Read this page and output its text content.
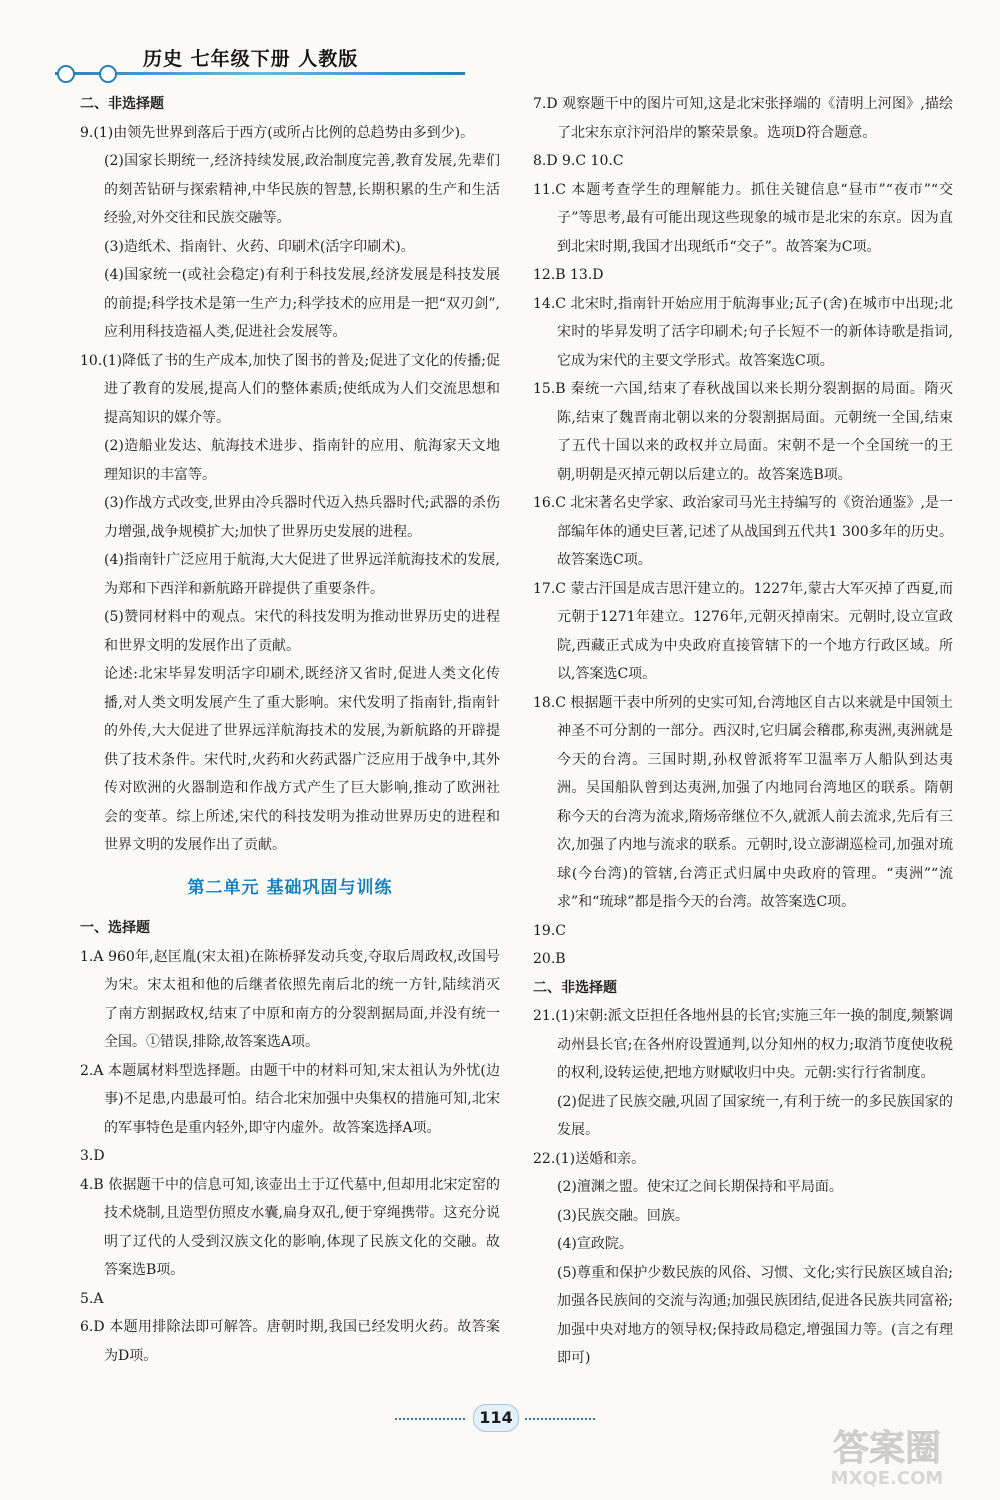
历史 七年级下册 人教版
二、非选择题
9.(1)由领先世界到落后于西方(或所占比例的总趋势由多到少)。
(2)国家长期统一,经济持续发展,政治制度完善,教育发展,先辈们的刻苦钻研与探索精神,中华民族的智慧,长期积累的生产和生活经验,对外交往和民族交融等。
(3)造纸术、指南针、火药、印刷术(活字印刷术)。
(4)国家统一(或社会稳定)有利于科技发展,经济发展是科技发展的前提;科学技术是第一生产力;科学技术的应用是一把“双刃剑”,应利用科技造福人类,促进社会发展等。
10.(1)降低了书的生产成本,加快了图书的普及;促进了文化的传播;促进了教育的发展,提高人们的整体素质;使纸成为人们交流思想和提高知识的媒介等。
(2)造船业发达、航海技术进步、指南针的应用、航海家天文地理知识的丰富等。
(3)作战方式改变,世界由冷兵器时代迈入热兵器时代;武器的杀伤力增强,战争规模扩大;加快了世界历史发展的进程。
(4)指南针广泛应用于航海,大大促进了世界远洋航海技术的发展,为郑和下西洋和新航路开辟提供了重要条件。
(5)赞同材料中的观点。宋代的科技发明为推动世界历史的进程和世界文明的发展作出了贡献。
论述:北宋毕昇发明活字印刷术,既经济又省时,促进人类文化传播,对人类文明发展产生了重大影响。宋代发明了指南针,指南针的外传,大大促进了世界远洋航海技术的发展,为新航路的开辟提供了技术条件。宋代时,火药和火药武器广泛应用于战争中,其外传对欧洲的火器制造和作战方式产生了巨大影响,推动了欧洲社会的变革。综上所述,宋代的科技发明为推动世界历史的进程和世界文明的发展作出了贡献。
第二单元 基础巩固与训练
一、选择题
1.A 960年,赵匡胤(宋太祖)在陈桥驿发动兵变,夺取后周政权,改国号为宋。宋太祖和他的后继者依照先南后北的统一方针,陆续消灭了南方割据政权,结束了中原和南方的分裂割据局面,并没有统一全国。①错误,排除,故答案选A项。
2.A 本题属材料型选择题。由题干中的材料可知,宋太祖认为外忧(边事)不足患,内患最可怕。结合北宋加强中央集权的措施可知,北宋的军事特色是重内轻外,即守内虚外。故答案选择A项。
3.D
4.B 依据题干中的信息可知,该壶出土于辽代墓中,但却用北宋定窑的技术烧制,且造型仿照皮水囊,扁身双孔,便于穿绳携带。这充分说明了辽代的人受到汉族文化的影响,体现了民族文化的交融。故答案选B项。
5.A
6.D 本题用排除法即可解答。唐朝时期,我国已经发明火药。故答案为D项。
7.D 观察题干中的图片可知,这是北宋张择端的《清明上河图》,描绘了北宋东京汴河沿岸的繁荣景象。选项D符合题意。
8.D 9.C 10.C
11.C 本题考查学生的理解能力。抓住关键信息“昼市”“夜市”“交子”等思考,最有可能出现这些现象的城市是北宋的东京。因为直到北宋时期,我国才出现纸币“交子”。故答案为C项。
12.B 13.D
14.C 北宋时,指南针开始应用于航海事业;瓦子(舍)在城市中出现;北宋时的毕昇发明了活字印刷术;句子长短不一的新体诗歌是指词,它成为宋代的主要文学形式。故答案选C项。
15.B 秦统一六国,结束了春秋战国以来长期分裂割据的局面。隋灭陈,结束了魏晋南北朝以来的分裂割据局面。元朝统一全国,结束了五代十国以来的政权并立局面。宋朝不是一个全国统一的王朝,明朝是灭掉元朝以后建立的。故答案选B项。
16.C 北宋著名史学家、政治家司马光主持编写的《资治通鉴》,是一部编年体的通史巨著,记述了从战国到五代共1 300多年的历史。故答案选C项。
17.C 蒙古汗国是成吉思汗建立的。1227年,蒙古大军灭掉了西夏,而元朝于1271年建立。1276年,元朝灭掉南宋。元朝时,设立宣政院,西藏正式成为中央政府直接管辖下的一个地方行政区域。所以,答案选C项。
18.C 根据题干表中所列的史实可知,台湾地区自古以来就是中国领土神圣不可分割的一部分。西汉时,它归属会稽郡,称夷洲,夷洲就是今天的台湾。三国时期,孙权曾派将军卫温率万人船队到达夷洲。吴国船队曾到达夷洲,加强了内地同台湾地区的联系。隋朝称今天的台湾为流求,隋炀帝继位不久,就派人前去流求,先后有三次,加强了内地与流求的联系。元朝时,设立澎湖巡检司,加强对琉球(今台湾)的管辖,台湾正式归属中央政府的管理。“夷洲”“流求”和“琉球”都是指今天的台湾。故答案选C项。
19.C
20.B
二、非选择题
21.(1)宋朝:派文臣担任各地州县的长官;实施三年一换的制度,频繁调动州县长官;在各州府设置通判,以分知州的权力;取消节度使收税的权利,设转运使,把地方财赋收归中央。元朝:实行行省制度。
(2)促进了民族交融,巩固了国家统一,有利于统一的多民族国家的发展。
22.(1)送婚和亲。
(2)澶渊之盟。使宋辽之间长期保持和平局面。
(3)民族交融。回族。
(4)宣政院。
(5)尊重和保护少数民族的风俗、习惯、文化;实行民族区域自治;加强各民族间的交流与沟通;加强民族团结,促进各民族共同富裕;加强中央对地方的领导权;保持政局稳定,增强国力等。(言之有理即可)
114
答案圈
MXQE.COM
